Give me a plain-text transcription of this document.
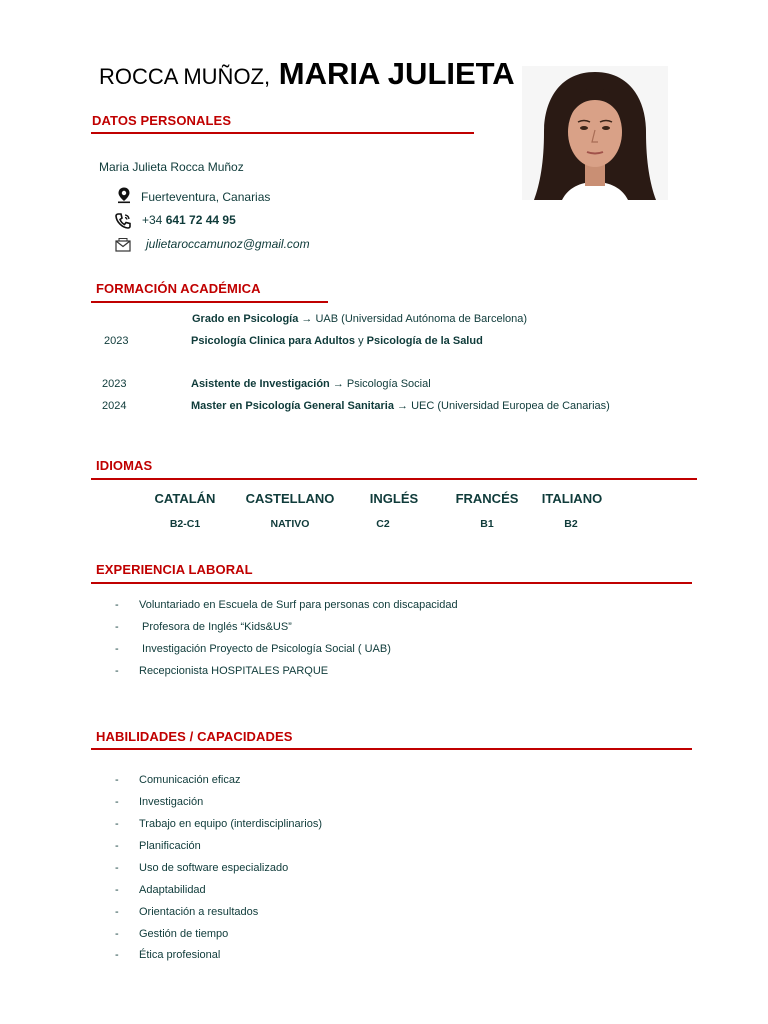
ROCCA MUÑOZ, MARIA JULIETA
DATOS PERSONALES
Maria Julieta Rocca Muñoz
Fuerteventura, Canarias
+34 641 72 44 95
julietaroccamunoz@gmail.com
FORMACIÓN ACADÉMICA
Grado en Psicología → UAB (Universidad Autónoma de Barcelona)
2023	Psicología Clinica para Adultos y Psicología de la Salud
2023	Asistente de Investigación → Psicología Social
2024	Master en Psicología General Sanitaria → UEC (Universidad Europea de Canarias)
IDIOMAS
CATALÁN	CASTELLANO	INGLÉS	FRANCÉS	ITALIANO
B2-C1	NATIVO	C2	B1	B2
EXPERIENCIA LABORAL
- Voluntariado en Escuela de Surf para personas con discapacidad
- Profesora de Inglés “Kids&US”
- Investigación Proyecto de Psicología Social ( UAB)
- Recepcionista HOSPITALES PARQUE
HABILIDADES / CAPACIDADES
- Comunicación eficaz
- Investigación
- Trabajo en equipo (interdisciplinarios)
- Planificación
- Uso de software especializado
- Adaptabilidad
- Orientación a resultados
- Gestión de tiempo
- Ética profesional
